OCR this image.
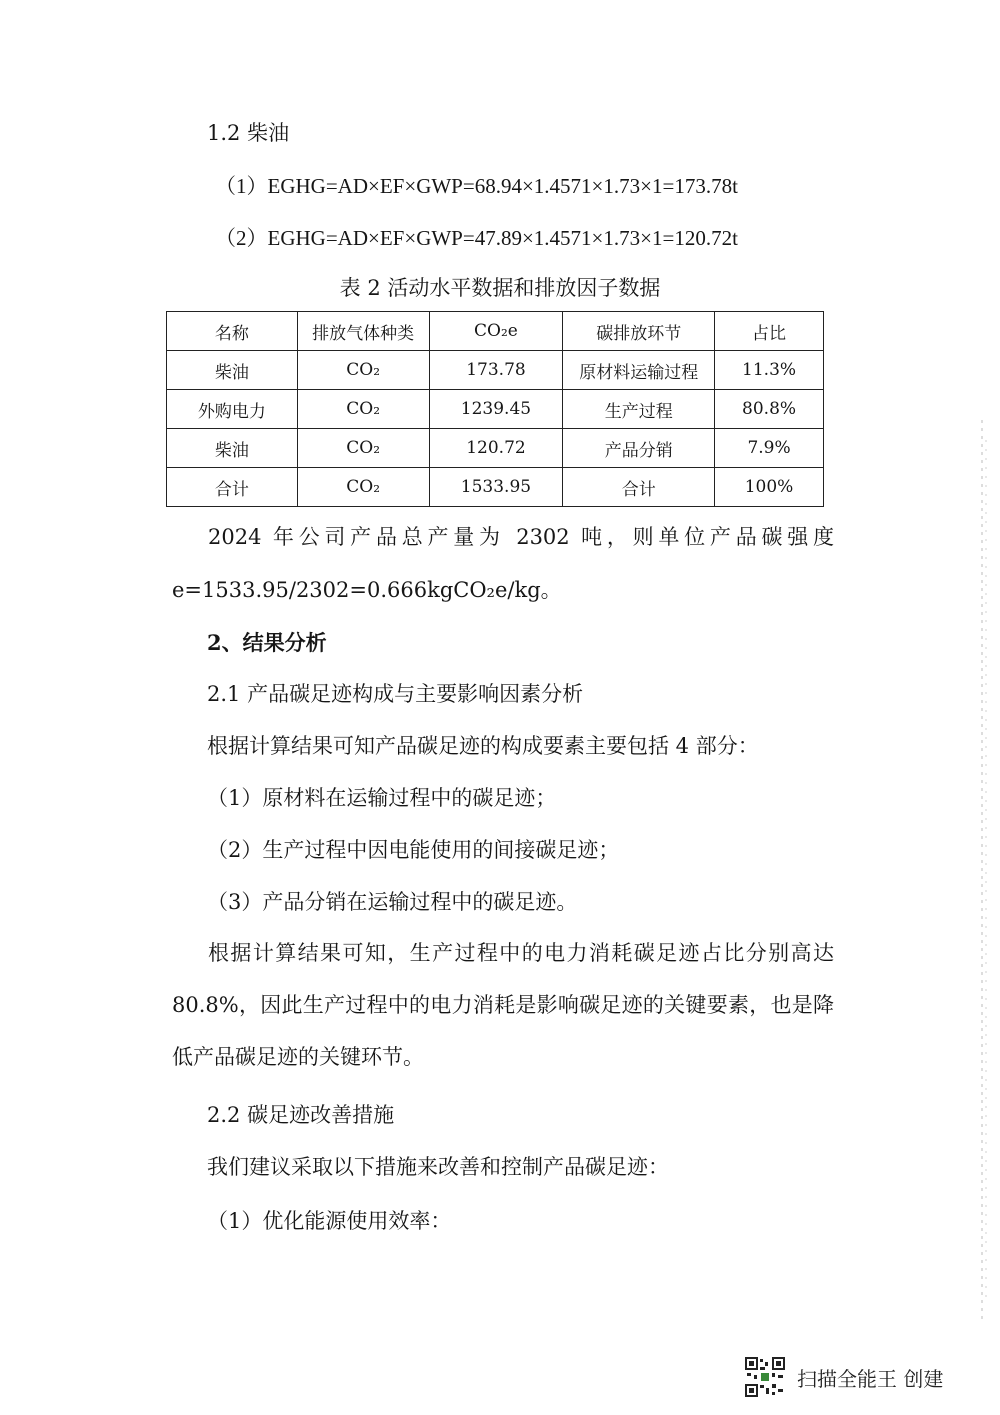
1.2 柴油
（1）EGHG=AD×EF×GWP=68.94×1.4571×1.73×1=173.78t
（2）EGHG=AD×EF×GWP=47.89×1.4571×1.73×1=120.72t
表 2 活动水平数据和排放因子数据
名称	排放气体种类	CO₂e	碳排放环节	占比
柴油	CO₂	173.78	原材料运输过程	11.3%
外购电力	CO₂	1239.45	生产过程	80.8%
柴油	CO₂	120.72	产品分销	7.9%
合计	CO₂	1533.95	合计	100%
2024 年公司产品总产量为 2302 吨，则单位产品碳强度
e=1533.95/2302=0.666kgCO₂e/kg。
2、结果分析
2.1 产品碳足迹构成与主要影响因素分析
根据计算结果可知产品碳足迹的构成要素主要包括 4 部分：
（1）原材料在运输过程中的碳足迹；
（2）生产过程中因电能使用的间接碳足迹；
（3）产品分销在运输过程中的碳足迹。
根据计算结果可知，生产过程中的电力消耗碳足迹占比分别高达80.8%，因此生产过程中的电力消耗是影响碳足迹的关键要素，也是降低产品碳足迹的关键环节。
2.2 碳足迹改善措施
我们建议采取以下措施来改善和控制产品碳足迹：
（1）优化能源使用效率：
扫描全能王 创建
